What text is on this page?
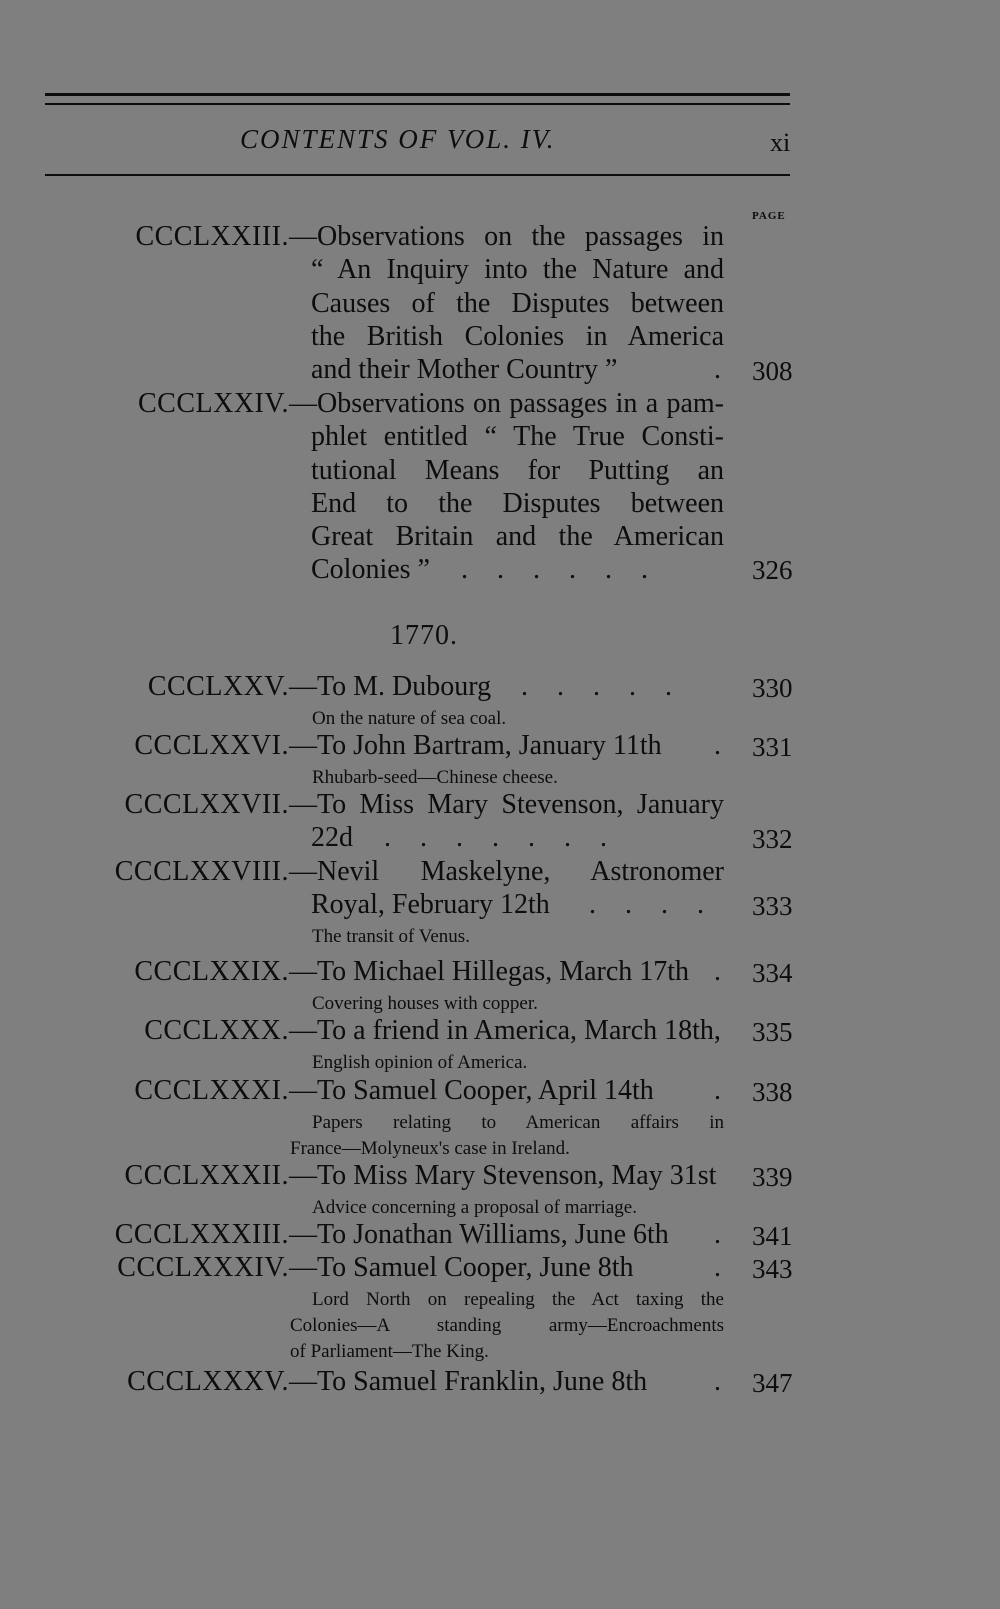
CONTENTS OF VOL. IV.	xi
PAGE
CCCLXXIII. —Observations on the passages in
“ An Inquiry into the Nature and
Causes of the Disputes between
the British Colonies in America
and their Mother Country ”	. 308
CCCLXXIV. —Observations on passages in a pam-
phlet entitled “ The True Consti-
tutional Means for Putting an
End to the Disputes between
Great Britain and the American
Colonies ” . . . . . .	326
1770.
CCCLXXV. —To M. Dubourg . . . . .	330
On the nature of sea coal.
CCCLXXVI. —To John Bartram, January 11th . 331
Rhubarb-seed—Chinese cheese.
CCCLXXVII. —To Miss Mary Stevenson, January
22d . . . . . . .	332
CCCLXXVIII. —Nevil Maskelyne, Astronomer
Royal, February 12th . . . . 333
The transit of Venus.
CCCLXXIX. —To Michael Hillegas, March 17th . 334
Covering houses with copper.
CCCLXXX. —To a friend in America, March 18th, 335
English opinion of America.
CCCLXXXI. —To Samuel Cooper, April 14th . 338
Papers relating to American affairs in
France—Molyneux's case in Ireland.
CCCLXXXII. —To Miss Mary Stevenson, May 31st 339
Advice concerning a proposal of marriage.
CCCLXXXIII. —To Jonathan Williams, June 6th . 341
CCCLXXXIV. —To Samuel Cooper, June 8th	. 343
Lord North on repealing the Act taxing the
Colonies—A standing army—Encroachments
of Parliament—The King.
CCCLXXXV. —To Samuel Franklin, June 8th . 347
